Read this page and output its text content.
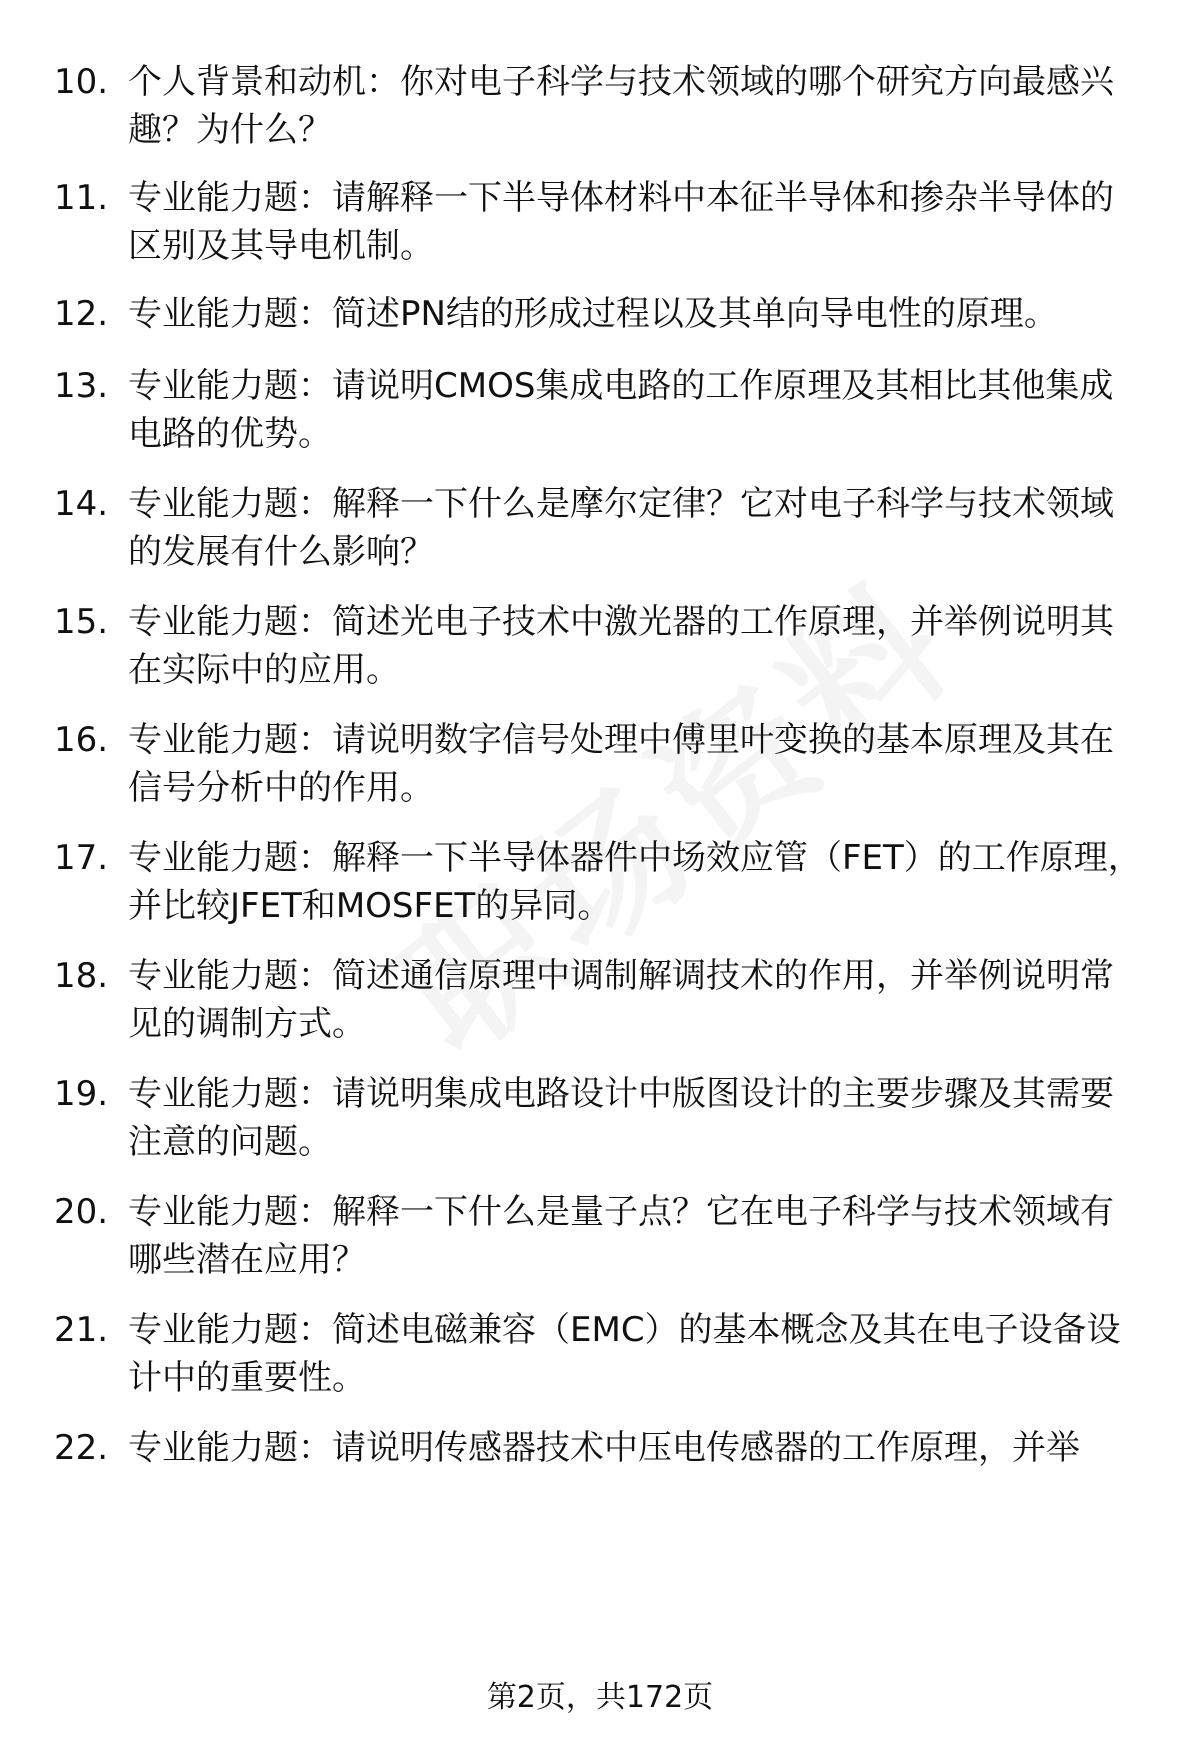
10. 个人背景和动机：你对电子科学与技术领域的哪个研究方向最感兴趣？为什么？
11. 专业能力题：请解释一下半导体材料中本征半导体和掺杂半导体的区别及其导电机制。
12. 专业能力题：简述PN结的形成过程以及其单向导电性的原理。
13. 专业能力题：请说明CMOS集成电路的工作原理及其相比其他集成电路的优势。
14. 专业能力题：解释一下什么是摩尔定律？它对电子科学与技术领域的发展有什么影响？
15. 专业能力题：简述光电子技术中激光器的工作原理，并举例说明其在实际中的应用。
16. 专业能力题：请说明数字信号处理中傅里叶变换的基本原理及其在信号分析中的作用。
17. 专业能力题：解释一下半导体器件中场效应管（FET）的工作原理，并比较JFET和MOSFET的异同。
18. 专业能力题：简述通信原理中调制解调技术的作用，并举例说明常见的调制方式。
19. 专业能力题：请说明集成电路设计中版图设计的主要步骤及其需要注意的问题。
20. 专业能力题：解释一下什么是量子点？它在电子科学与技术领域有哪些潜在应用？
21. 专业能力题：简述电磁兼容（EMC）的基本概念及其在电子设备设计中的重要性。
22. 专业能力题：请说明传感器技术中压电传感器的工作原理，并举
第2页，共172页
